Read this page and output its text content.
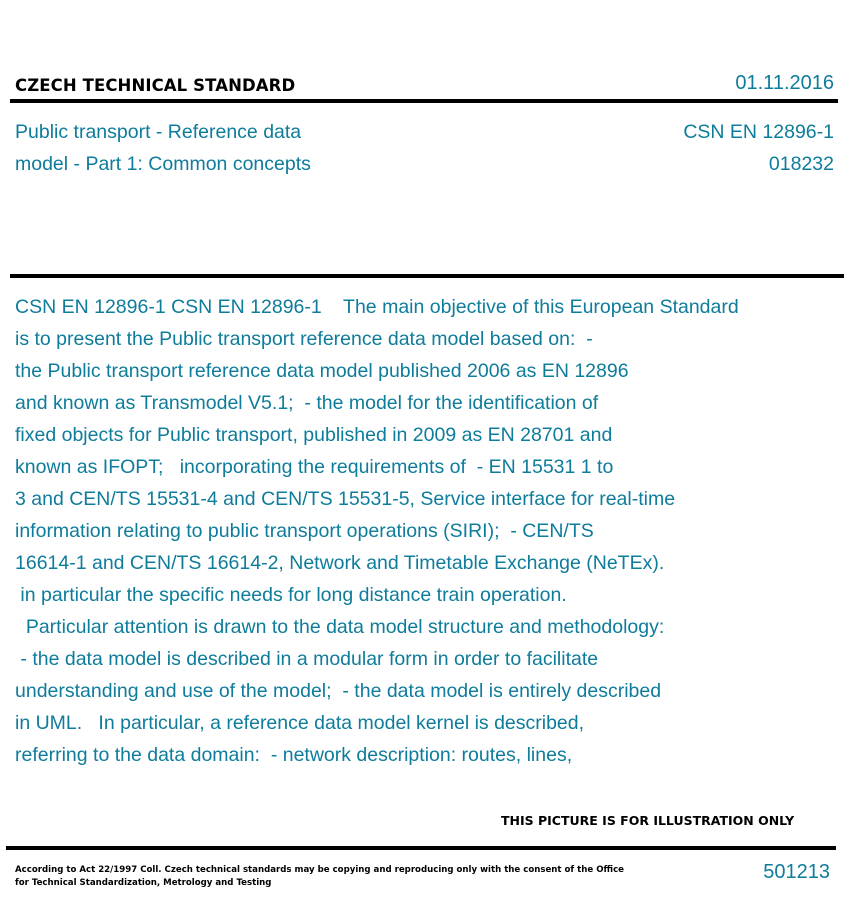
CZECH TECHNICAL STANDARD	01.11.2016
Public transport - Reference data
model - Part 1: Common concepts
CSN EN 12896-1
018232
CSN EN 12896-1 CSN EN 12896-1    The main objective of this European Standard
is to present the Public transport reference data model based on:  -
the Public transport reference data model published 2006 as EN 12896
and known as Transmodel V5.1;  - the model for the identification of
fixed objects for Public transport, published in 2009 as EN 28701 and
known as IFOPT;   incorporating the requirements of  - EN 15531 1 to
3 and CEN/TS 15531-4 and CEN/TS 15531-5, Service interface for real-time
information relating to public transport operations (SIRI);  - CEN/TS
16614-1 and CEN/TS 16614-2, Network and Timetable Exchange (NeTEx).
in particular the specific needs for long distance train operation.
Particular attention is drawn to the data model structure and methodology:
- the data model is described in a modular form in order to facilitate
understanding and use of the model;  - the data model is entirely described
in UML.   In particular, a reference data model kernel is described,
referring to the data domain:  - network description: routes, lines,
THIS PICTURE IS FOR ILLUSTRATION ONLY
According to Act 22/1997 Coll. Czech technical standards may be copying and reproducing only with the consent of the Office
for Technical Standardization, Metrology and Testing	501213
